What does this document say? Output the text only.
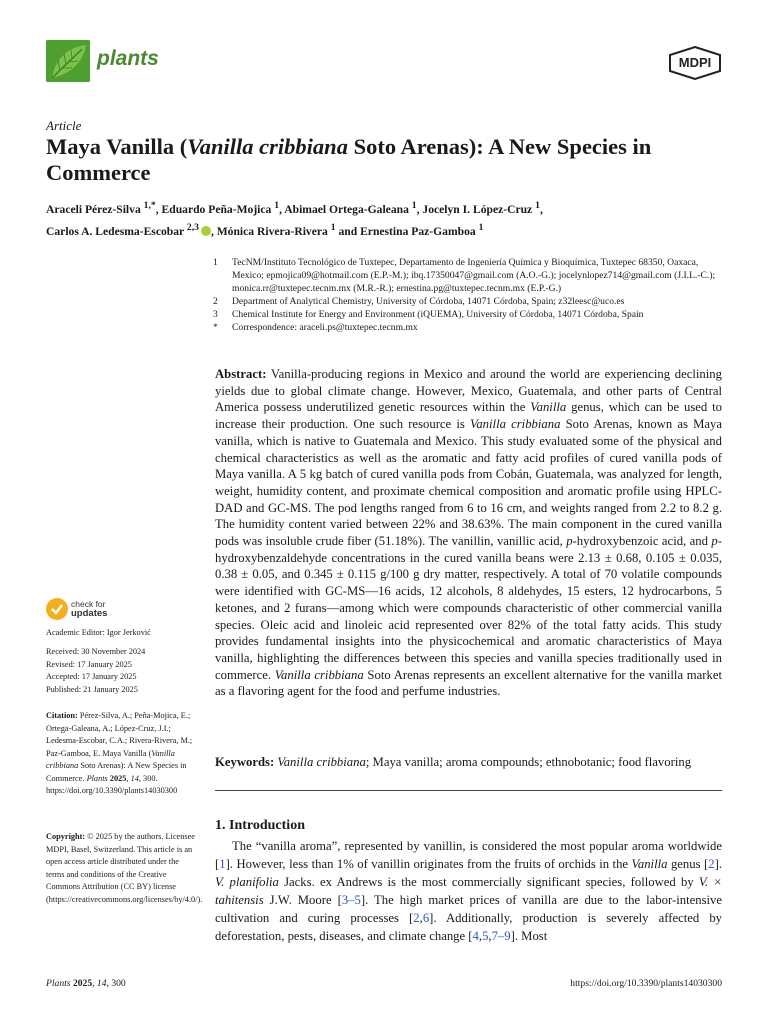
plants	MDPI
Article
Maya Vanilla (Vanilla cribbiana Soto Arenas): A New Species in Commerce
Araceli Pérez-Silva $^{1,*}$, Eduardo Peña-Mojica $^1$, Abimael Ortega-Galeana $^1$, Jocelyn I. López-Cruz $^1$,
Carlos A. Ledesma-Escobar $^{2,3}$ , Mónica Rivera-Rivera $^1$ and Ernestina Paz-Gamboa $^1$
1 TecNM/Instituto Tecnológico de Tuxtepec, Departamento de Ingeniería Química y Bioquímica, Tuxtepec 68350, Oaxaca, Mexico; epmojica09@hotmail.com (E.P.-M.); ibq.17350047@gmail.com (A.O.-G.); jocelynlopez714@gmail.com (J.I.L.-C.); monica.rr@tuxtepec.tecnm.mx (M.R.-R.); ernestina.pg@tuxtepec.tecnm.mx (E.P.-G.)
2 Department of Analytical Chemistry, University of Córdoba, 14071 Córdoba, Spain; z32leesc@uco.es
3 Chemical Institute for Energy and Environment (iQUEMA), University of Córdoba, 14071 Córdoba, Spain
* Correspondence: araceli.ps@tuxtepec.tecnm.mx
Abstract: Vanilla-producing regions in Mexico and around the world are experiencing declining yields due to global climate change. However, Mexico, Guatemala, and other parts of Central America possess underutilized genetic resources within the Vanilla genus, which can be used to increase their production. One such resource is Vanilla cribbiana Soto Arenas, known as Maya vanilla, which is native to Guatemala and Mexico. This study evaluated some of the physical and chemical characteristics as well as the aromatic and fatty acid profiles of cured vanilla pods of Maya vanilla. A 5 kg batch of cured vanilla pods from Cobán, Guatemala, was analyzed for length, weight, humidity content, and proximate chemical composition and aromatic profile using HPLC-DAD and GC-MS. The pod lengths ranged from 6 to 16 cm, and weights ranged from 2.2 to 8.2 g. The humidity content varied between 22% and 38.63%. The main component in the cured vanilla pods was insoluble crude fiber (51.18%). The vanillin, vanillic acid, p-hydroxybenzoic acid, and p-hydroxybenzaldehyde concentrations in the cured vanilla beans were 2.13 ± 0.68, 0.105 ± 0.035, 0.38 ± 0.05, and 0.345 ± 0.115 g/100 g dry matter, respectively. A total of 70 volatile compounds were identified with GC-MS—16 acids, 12 alcohols, 8 aldehydes, 15 esters, 12 hydrocarbons, 5 ketones, and 2 furans—among which were compounds characteristic of other commercial vanilla species. Oleic acid and linoleic acid represented over 82% of the total fatty acids. This study provides fundamental insights into the physicochemical and aromatic characteristics of Maya vanilla, highlighting the differences between this species and vanilla species traditionally used in commerce. Vanilla cribbiana Soto Arenas represents an excellent alternative for the vanilla market as a flavoring agent for the food and perfume industries.
Keywords: Vanilla cribbiana; Maya vanilla; aroma compounds; ethnobotanic; food flavoring
1. Introduction
The “vanilla aroma”, represented by vanillin, is considered the most popular aroma worldwide [1]. However, less than 1% of vanillin originates from the fruits of orchids in the Vanilla genus [2]. V. planifolia Jacks. ex Andrews is the most commercially significant species, followed by V. × tahitensis J.W. Moore [3–5]. The high market prices of vanilla are due to the labor-intensive cultivation and curing processes [2,6]. Additionally, production is severely affected by deforestation, pests, diseases, and climate change [4,5,7–9]. Most
check for
updates
Academic Editor: Igor Jerković
Received: 30 November 2024
Revised: 17 January 2025
Accepted: 17 January 2025
Published: 21 January 2025
Citation: Pérez-Silva, A.; Peña-Mojica, E.; Ortega-Galeana, A.; López-Cruz, J.I.; Ledesma-Escobar, C.A.; Rivera-Rivera, M.; Paz-Gamboa, E. Maya Vanilla (Vanilla cribbiana Soto Arenas): A New Species in Commerce. Plants 2025, 14, 300. https://doi.org/10.3390/plants14030300
Copyright: © 2025 by the authors. Licensee MDPI, Basel, Switzerland. This article is an open access article distributed under the terms and conditions of the Creative Commons Attribution (CC BY) license (https://creativecommons.org/licenses/by/4.0/).
Plants 2025, 14, 300	https://doi.org/10.3390/plants14030300
